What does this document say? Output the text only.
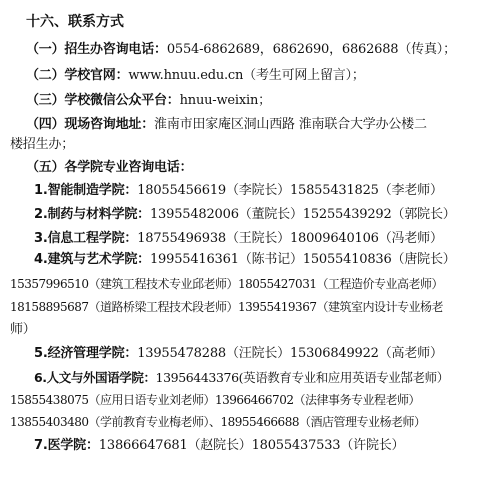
十六、联系方式
（一）招生办咨询电话：0554-6862689，6862690，6862688（传真）；
（二）学校官网：www.hnuu.edu.cn（考生可网上留言）；
（三）学校微信公众平台：hnuu-weixin；
（四）现场咨询地址：淮南市田家庵区洞山西路 淮南联合大学办公楼二
楼招生办；
（五）各学院专业咨询电话：
1.智能制造学院：18055456619（李院长）15855431825（李老师）
2.制药与材料学院：13955482006（董院长）15255439292（郭院长）
3.信息工程学院：18755496938（王院长）18009640106（冯老师）
4.建筑与艺术学院：19955416361（陈书记）15055410836（唐院长）
15357996510（建筑工程技术专业邱老师）18055427031（工程造价专业高老师）
18158895687（道路桥梁工程技术段老师）13955419367（建筑室内设计专业杨老
师）
5.经济管理学院：13955478288（汪院长）15306849922（高老师）
6.人文与外国语学院：13956443376(英语教育专业和应用英语专业郜老师）
15855438075（应用日语专业刘老师）13966466702（法律事务专业程老师）
13855403480（学前教育专业梅老师）、18955466688（酒店管理专业杨老师）
7.医学院：13866647681（赵院长）18055437533（许院长）
